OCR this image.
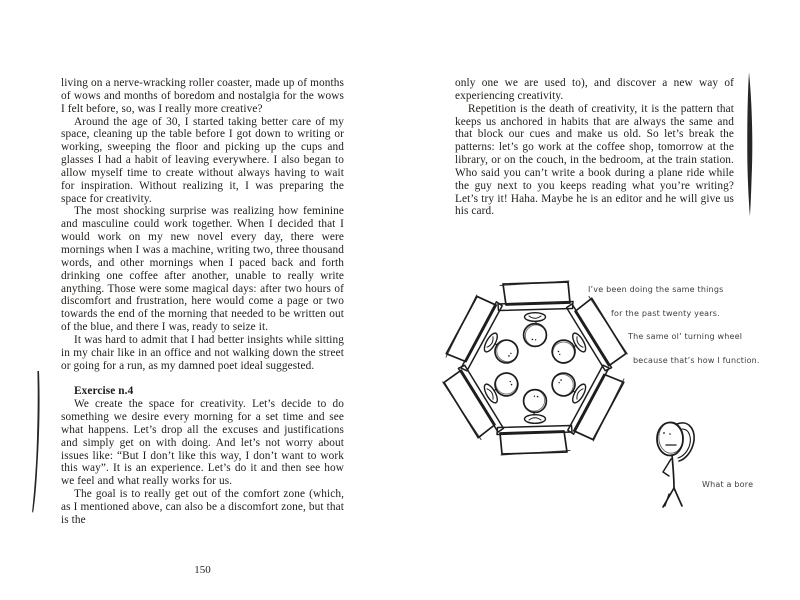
living on a nerve-wracking roller coaster, made up of months of wows and months of boredom and nostalgia for the wows I felt before, so, was I really more creative?

Around the age of 30, I started taking better care of my space, cleaning up the table before I got down to writing or working, sweeping the floor and picking up the cups and glasses I had a habit of leaving everywhere. I also began to allow myself time to create without always having to wait for inspiration. Without realizing it, I was preparing the space for creativity.

The most shocking surprise was realizing how feminine and masculine could work together. When I decided that I would work on my new novel every day, there were mornings when I was a machine, writing two, three thousand words, and other mornings when I paced back and forth drinking one coffee after another, unable to really write anything. Those were some magical days: after two hours of discomfort and frustration, here would come a page or two towards the end of the morning that needed to be written out of the blue, and there I was, ready to seize it.

It was hard to admit that I had better insights while sitting in my chair like in an office and not walking down the street or going for a run, as my damned poet ideal suggested.

Exercise n.4

We create the space for creativity. Let’s decide to do something we desire every morning for a set time and see what happens. Let’s drop all the excuses and justifications and simply get on with doing. And let’s not worry about issues like: “But I don’t like this way, I don’t want to work this way”. It is an experience. Let’s do it and then see how we feel and what really works for us.

The goal is to really get out of the comfort zone (which, as I mentioned above, can also be a discomfort zone, but that is the

150

only one we are used to), and discover a new way of experiencing creativity.

Repetition is the death of creativity, it is the pattern that keeps us anchored in habits that are always the same and that block our cues and make us old. So let’s break the patterns: let’s go work at the coffee shop, tomorrow at the library, or on the couch, in the bedroom, at the train station. Who said you can’t write a book during a plane ride while the guy next to you keeps reading what you’re writing? Let’s try it! Haha. Maybe he is an editor and he will give us his card.

I’ve been doing the same things
for the past twenty years.
The same ol’ turning wheel
because that’s how I function.
What a bore
